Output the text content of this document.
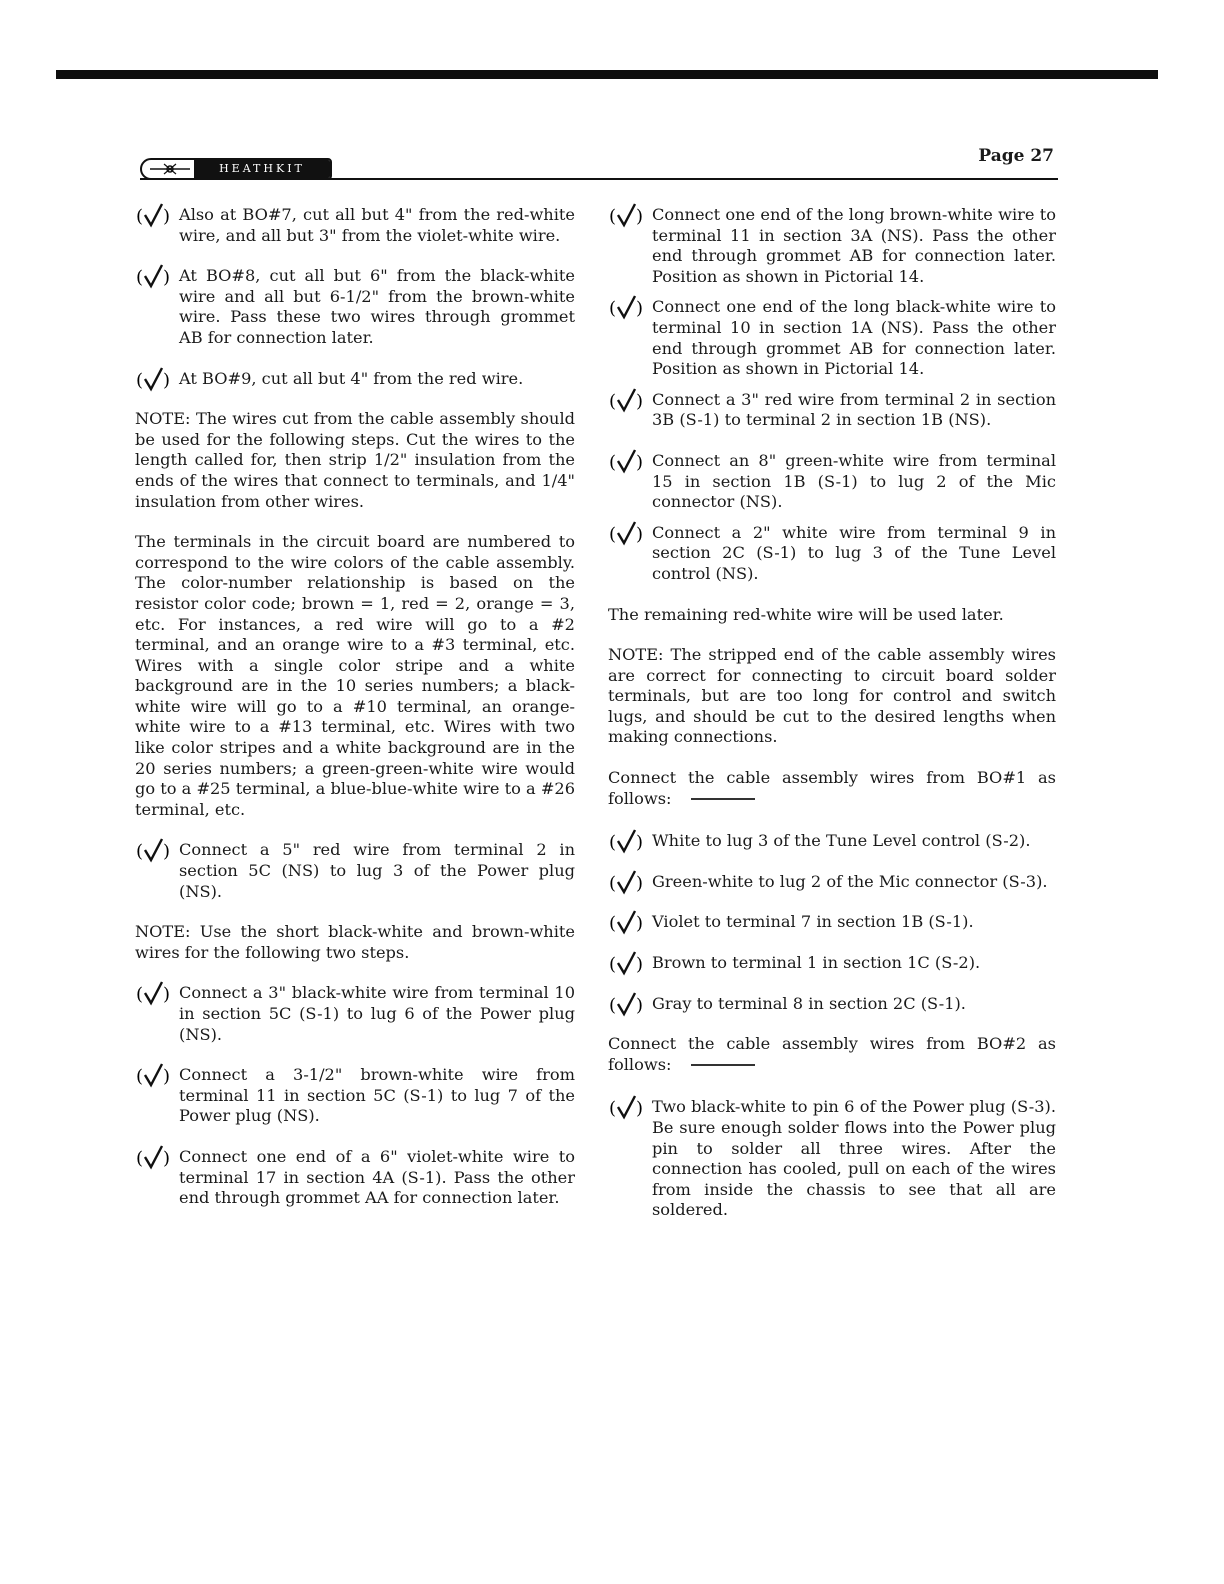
HEATHKIT
Page 27
( ) Also at BO#7, cut all but 4" from the red-white wire, and all but 3" from the violet-white wire.
( ) At BO#8, cut all but 6" from the black-white wire and all but 6-1/2" from the brown-white wire. Pass these two wires through grommet AB for connection later.
( ) At BO#9, cut all but 4" from the red wire.

NOTE: The wires cut from the cable assembly should be used for the following steps. Cut the wires to the length called for, then strip 1/2" insulation from the ends of the wires that connect to terminals, and 1/4" insulation from other wires.

The terminals in the circuit board are numbered to correspond to the wire colors of the cable assembly. The color-number relationship is based on the resistor color code; brown = 1, red = 2, orange = 3, etc. For instances, a red wire will go to a #2 terminal, and an orange wire to a #3 terminal, etc. Wires with a single color stripe and a white background are in the 10 series numbers; a black-white wire will go to a #10 terminal, an orange-white wire to a #13 terminal, etc. Wires with two like color stripes and a white background are in the 20 series numbers; a green-green-white wire would go to a #25 terminal, a blue-blue-white wire to a #26 terminal, etc.

( ) Connect a 5" red wire from terminal 2 in section 5C (NS) to lug 3 of the Power plug (NS).

NOTE: Use the short black-white and brown-white wires for the following two steps.

( ) Connect a 3" black-white wire from terminal 10 in section 5C (S-1) to lug 6 of the Power plug (NS).
( ) Connect a 3-1/2" brown-white wire from terminal 11 in section 5C (S-1) to lug 7 of the Power plug (NS).
( ) Connect one end of a 6" violet-white wire to terminal 17 in section 4A (S-1). Pass the other end through grommet AA for connection later.
( ) Connect one end of the long brown-white wire to terminal 11 in section 3A (NS). Pass the other end through grommet AB for connection later. Position as shown in Pictorial 14.
( ) Connect one end of the long black-white wire to terminal 10 in section 1A (NS). Pass the other end through grommet AB for connection later. Position as shown in Pictorial 14.
( ) Connect a 3" red wire from terminal 2 in section 3B (S-1) to terminal 2 in section 1B (NS).
( ) Connect an 8" green-white wire from terminal 15 in section 1B (S-1) to lug 2 of the Mic connector (NS).
( ) Connect a 2" white wire from terminal 9 in section 2C (S-1) to lug 3 of the Tune Level control (NS).

The remaining red-white wire will be used later.

NOTE: The stripped end of the cable assembly wires are correct for connecting to circuit board solder terminals, but are too long for control and switch lugs, and should be cut to the desired lengths when making connections.

Connect the cable assembly wires from BO#1 as follows:

( ) White to lug 3 of the Tune Level control (S-2).
( ) Green-white to lug 2 of the Mic connector (S-3).
( ) Violet to terminal 7 in section 1B (S-1).
( ) Brown to terminal 1 in section 1C (S-2).
( ) Gray to terminal 8 in section 2C (S-1).

Connect the cable assembly wires from BO#2 as follows:

( ) Two black-white to pin 6 of the Power plug (S-3). Be sure enough solder flows into the Power plug pin to solder all three wires. After the connection has cooled, pull on each of the wires from inside the chassis to see that all are soldered.
